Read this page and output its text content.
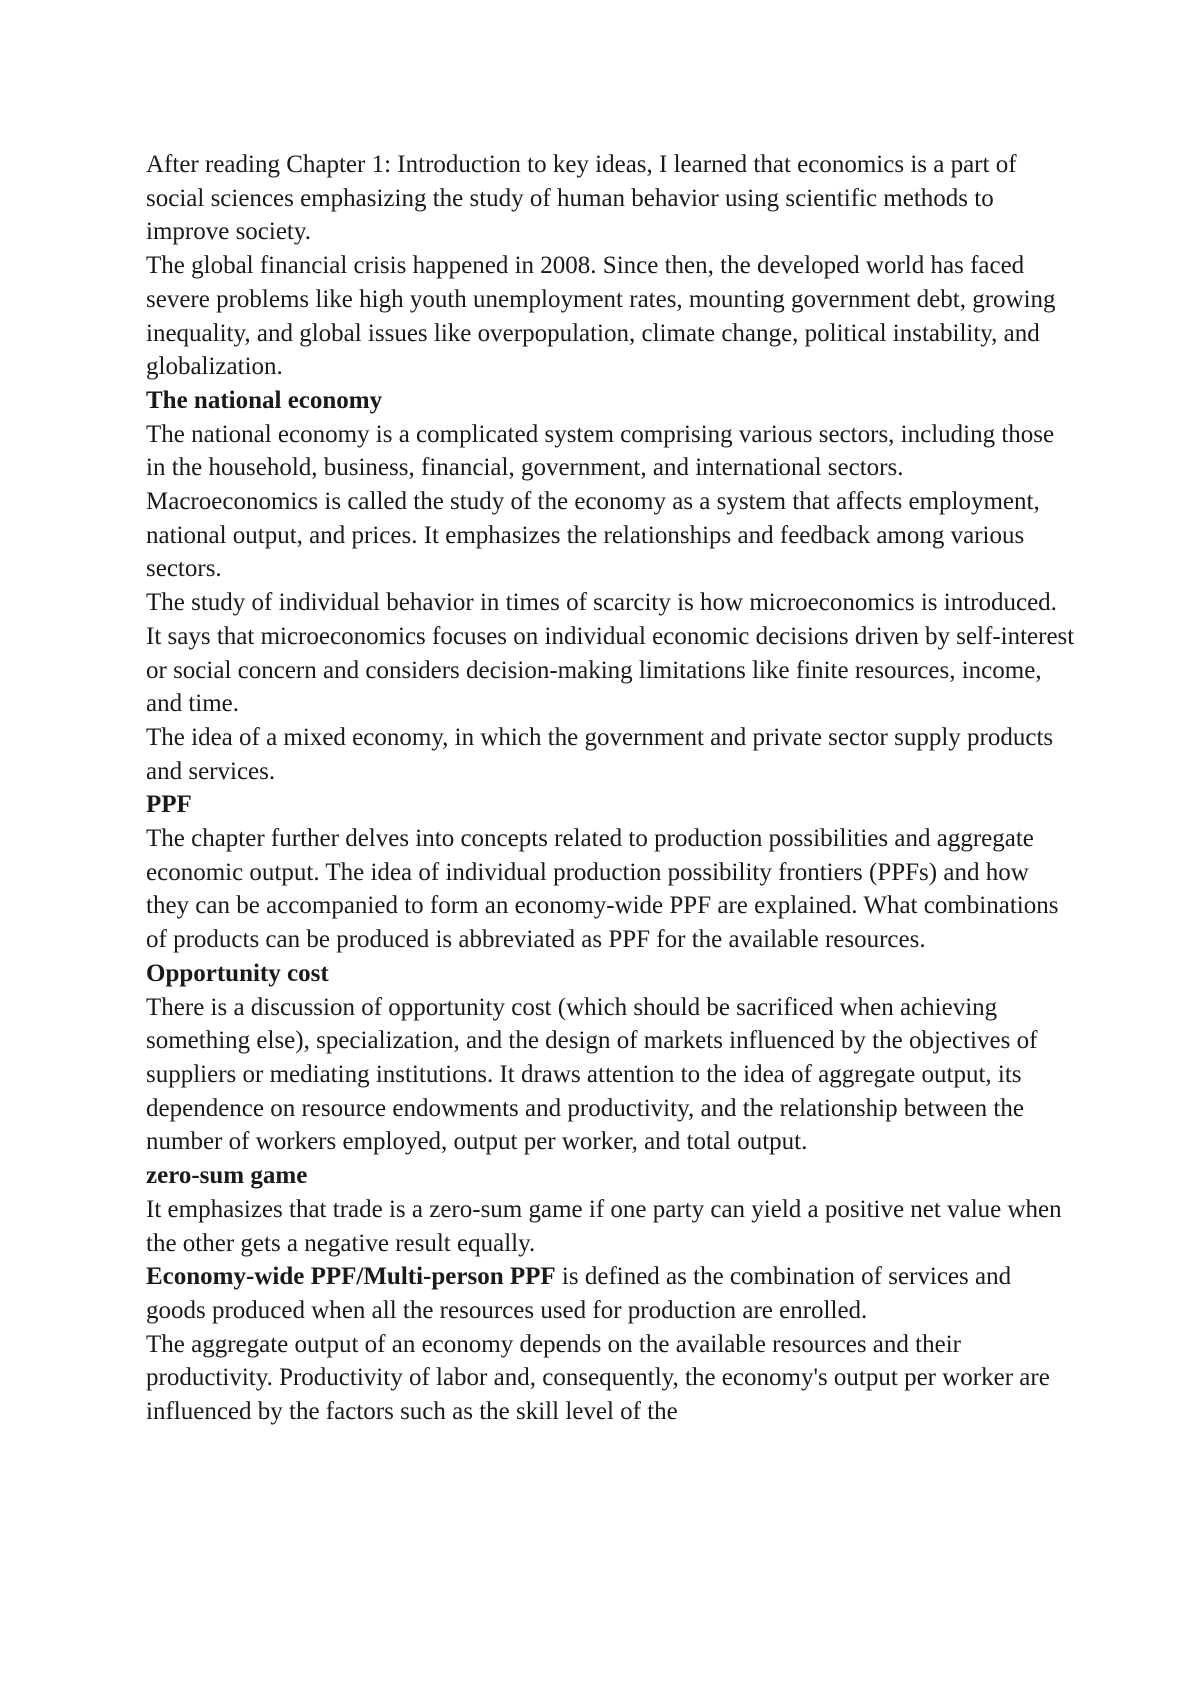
After reading Chapter 1: Introduction to key ideas, I learned that economics is a part of social sciences emphasizing the study of human behavior using scientific methods to improve society.

The global financial crisis happened in 2008. Since then, the developed world has faced severe problems like high youth unemployment rates, mounting government debt, growing inequality, and global issues like overpopulation, climate change, political instability, and globalization.

The national economy

The national economy is a complicated system comprising various sectors, including those in the household, business, financial, government, and international sectors. Macroeconomics is called the study of the economy as a system that affects employment, national output, and prices. It emphasizes the relationships and feedback among various sectors.

The study of individual behavior in times of scarcity is how microeconomics is introduced. It says that microeconomics focuses on individual economic decisions driven by self-interest or social concern and considers decision-making limitations like finite resources, income, and time.

The idea of a mixed economy, in which the government and private sector supply products and services.

PPF

The chapter further delves into concepts related to production possibilities and aggregate economic output. The idea of individual production possibility frontiers (PPFs) and how they can be accompanied to form an economy-wide PPF are explained. What combinations of products can be produced is abbreviated as PPF for the available resources.

Opportunity cost

There is a discussion of opportunity cost (which should be sacrificed when achieving something else), specialization, and the design of markets influenced by the objectives of suppliers or mediating institutions. It draws attention to the idea of aggregate output, its dependence on resource endowments and productivity, and the relationship between the number of workers employed, output per worker, and total output.

zero-sum game

It emphasizes that trade is a zero-sum game if one party can yield a positive net value when the other gets a negative result equally.

Economy-wide PPF/Multi-person PPF is defined as the combination of services and goods produced when all the resources used for production are enrolled.

The aggregate output of an economy depends on the available resources and their productivity. Productivity of labor and, consequently, the economy's output per worker are influenced by the factors such as the skill level of the
